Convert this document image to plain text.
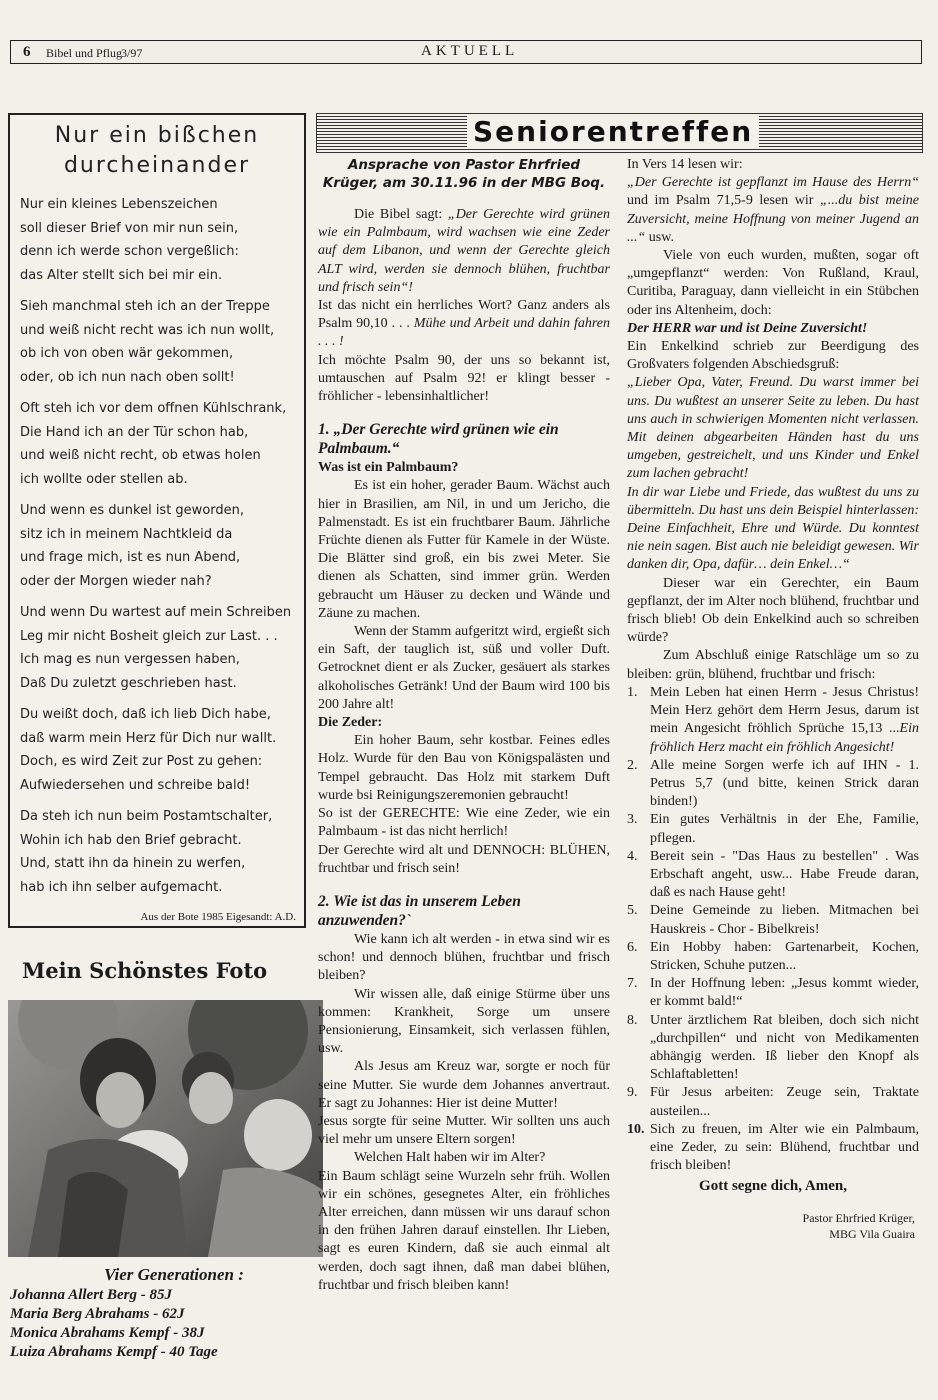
6 Bibel und Pflug
3/97	AKTUELL
Nur ein bißchen durcheinander
Nur ein kleines Lebenszeichen
soll dieser Brief von mir nun sein,
denn ich werde schon vergeßlich:
das Alter stellt sich bei mir ein.
Sieh manchmal steh ich an der Treppe
und weiß nicht recht was ich nun wollt,
ob ich von oben wär gekommen,
oder, ob ich nun nach oben sollt!
Oft steh ich vor dem offnen Kühlschrank,
Die Hand ich an der Tür schon hab,
und weiß nicht recht, ob etwas holen
ich wollte oder stellen ab.
Und wenn es dunkel ist geworden,
sitz ich in meinem Nachtkleid da
und frage mich, ist es nun Abend,
oder der Morgen wieder nah?
Und wenn Du wartest auf mein Schreiben
Leg mir nicht Bosheit gleich zur Last. . .
Ich mag es nun vergessen haben,
Daß Du zuletzt geschrieben hast.
Du weißt doch, daß ich lieb Dich habe,
daß warm mein Herz für Dich nur wallt.
Doch, es wird Zeit zur Post zu gehen:
Aufwiedersehen und schreibe bald!
Da steh ich nun beim Postamtschalter,
Wohin ich hab den Brief gebracht.
Und, statt ihn da hinein zu werfen,
hab ich ihn selber aufgemacht.
Aus der Bote 1985 Eigesandt: A.D.
Mein Schönstes Foto
Vier Generationen :
Johanna Allert Berg - 85J
Maria Berg Abrahams - 62J
Monica Abrahams Kempf - 38J
Luiza Abrahams Kempf - 40 Tage
Seniorentreffen
Ansprache von Pastor Ehrfried Krüger, am 30.11.96 in der MBG Boq.

Die Bibel sagt: „Der Gerechte wird grünen wie ein Palmbaum, wird wachsen wie eine Zeder auf dem Libanon, und wenn der Gerechte gleich ALT wird, werden sie dennoch blühen, fruchtbar und frisch sein“!

Ist das nicht ein herrliches Wort? Ganz anders als Psalm 90,10 . . . Mühe und Arbeit und dahin fahren . . . !

Ich möchte Psalm 90, der uns so bekannt ist, umtauschen auf Psalm 92! er klingt besser - fröhlicher - lebensinhaltlicher!

1. „Der Gerechte wird grünen wie ein Palmbaum.“
Was ist ein Palmbaum?

Es ist ein hoher, gerader Baum. Wächst auch hier in Brasilien, am Nil, in und um Jericho, die Palmenstadt. Es ist ein fruchtbarer Baum. Jährliche Früchte dienen als Futter für Kamele in der Wüste. Die Blätter sind groß, ein bis zwei Meter. Sie dienen als Schatten, sind immer grün. Werden gebraucht um Häuser zu decken und Wände und Zäune zu machen.

Wenn der Stamm aufgeritzt wird, ergießt sich ein Saft, der tauglich ist, süß und voller Duft. Getrocknet dient er als Zucker, gesäuert als starkes alkoholisches Getränk! Und der Baum wird 100 bis 200 Jahre alt!

Die Zeder:

Ein hoher Baum, sehr kostbar. Feines edles Holz. Wurde für den Bau von Königspalästen und Tempel gebraucht. Das Holz mit starkem Duft wurde bsi Reinigungszeremonien gebraucht!

So ist der GERECHTE: Wie eine Zeder, wie ein Palmbaum - ist das nicht herrlich!

Der Gerechte wird alt und DENNOCH: BLÜHEN, fruchtbar und frisch sein!

2. Wie ist das in unserem Leben anzuwenden?`

Wie kann ich alt werden - in etwa sind wir es schon! und dennoch blühen, fruchtbar und frisch bleiben?

Wir wissen alle, daß einige Stürme über uns kommen: Krankheit, Sorge um unsere Pensionierung, Einsamkeit, sich verlassen fühlen, usw.

Als Jesus am Kreuz war, sorgte er noch für seine Mutter. Sie wurde dem Johannes anvertraut. Er sagt zu Johannes: Hier ist deine Mutter!

Jesus sorgte für seine Mutter. Wir sollten uns auch viel mehr um unsere Eltern sorgen!

Welchen Halt haben wir im Alter?

Ein Baum schlägt seine Wurzeln sehr früh. Wollen wir ein schönes, gesegnetes Alter, ein fröhliches Alter erreichen, dann müssen wir uns darauf schon in den frühen Jahren darauf einstellen. Ihr Lieben, sagt es euren Kindern, daß sie auch einmal alt werden, doch sagt ihnen, daß man dabei blühen, fruchtbar und frisch bleiben kann!

In Vers 14 lesen wir:

„Der Gerechte ist gepflanzt im Hause des Herrn“ und im Psalm 71,5-9 lesen wir „...du bist meine Zuversicht, meine Hoffnung von meiner Jugend an ...“ usw.

Viele von euch wurden, mußten, sogar oft „umgepflanzt“ werden: Von Rußland, Kraul, Curitiba, Paraguay, dann vielleicht in ein Stübchen oder ins Altenheim, doch:

Der HERR war und ist Deine Zuversicht!

Ein Enkelkind schrieb zur Beerdigung des Großvaters folgenden Abschiedsgruß:

„Lieber Opa, Vater, Freund. Du warst immer bei uns. Du wußtest an unserer Seite zu leben. Du hast uns auch in schwierigen Momenten nicht verlassen. Mit deinen abgearbeiten Händen hast du uns umgeben, gestreichelt, und uns Kinder und Enkel zum lachen gebracht!

In dir war Liebe und Friede, das wußtest du uns zu übermitteln. Du hast uns dein Beispiel hinterlassen: Deine Einfachheit, Ehre und Würde. Du konntest nie nein sagen. Bist auch nie beleidigt gewesen. Wir danken dir, Opa, dafür… dein Enkel…“

Dieser war ein Gerechter, ein Baum gepflanzt, der im Alter noch blühend, fruchtbar und frisch blieb! Ob dein Enkelkind auch so schreiben würde?

Zum Abschluß einige Ratschläge um so zu bleiben: grün, blühend, fruchtbar und frisch:

1. Mein Leben hat einen Herrn - Jesus Christus! Mein Herz gehört dem Herrn Jesus, darum ist mein Angesicht fröhlich Sprüche 15,13 ...Ein fröhlich Herz macht ein fröhlich Angesicht!
2. Alle meine Sorgen werfe ich auf IHN - 1. Petrus 5,7 (und bitte, keinen Strick daran binden!)
3. Ein gutes Verhältnis in der Ehe, Familie, pflegen.
4. Bereit sein - "Das Haus zu bestellen" . Was Erbschaft angeht, usw... Habe Freude daran, daß es nach Hause geht!
5. Deine Gemeinde zu lieben. Mitmachen bei Hauskreis - Chor - Bibelkreis!
6. Ein Hobby haben: Gartenarbeit, Kochen, Stricken, Schuhe putzen...
7. In der Hoffnung leben: „Jesus kommt wieder, er kommt bald!“
8. Unter ärztlichem Rat bleiben, doch sich nicht „durchpillen“ und nicht von Medikamenten abhängig werden. Iß lieber den Knopf als Schlaftabletten!
9. Für Jesus arbeiten: Zeuge sein, Traktate austeilen...
10. Sich zu freuen, im Alter wie ein Palmbaum, eine Zeder, zu sein: Blühend, fruchtbar und frisch bleiben!
Gott segne dich, Amen,
Pastor Ehrfried Krüger,
MBG Vila Guaira
